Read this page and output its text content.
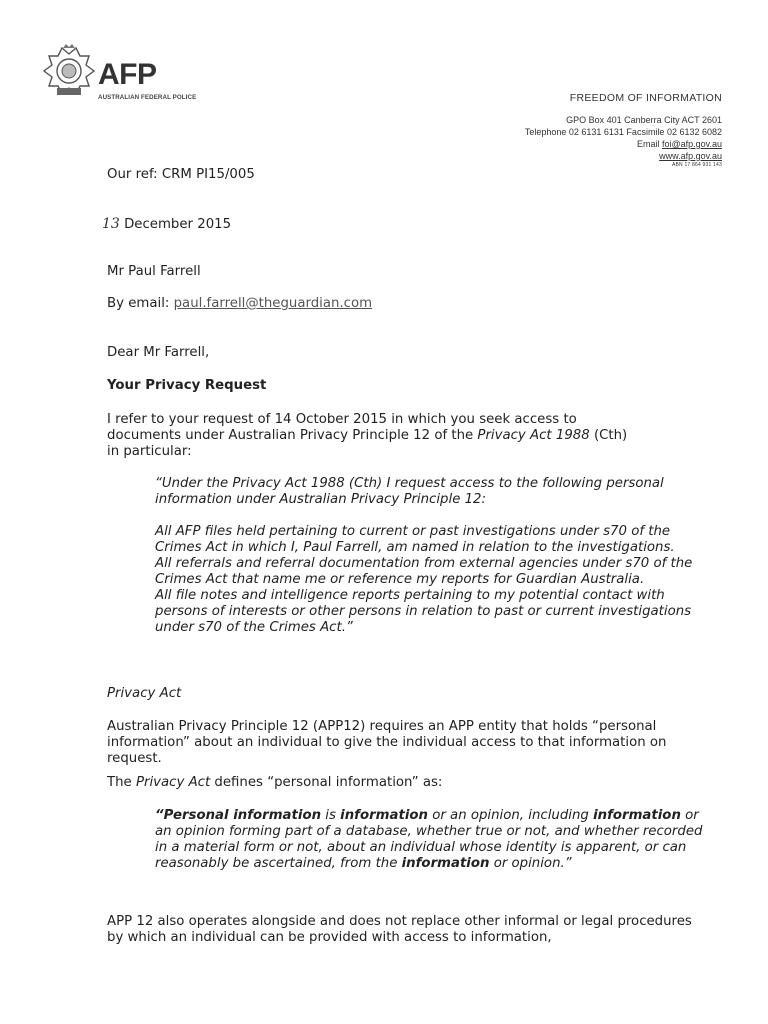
AFP
AUSTRALIAN FEDERAL POLICE	FREEDOM OF INFORMATION
GPO Box 401 Canberra City ACT 2601
Telephone 02 6131 6131 Facsimile 02 6132 6082
Email foi@afp.gov.au
www.afp.gov.au
ABN 17 864 931 143
Our ref: CRM PI15/005
13 December 2015
Mr Paul Farrell
By email: paul.farrell@theguardian.com
Dear Mr Farrell,
Your Privacy Request
I refer to your request of 14 October 2015 in which you seek access to
documents under Australian Privacy Principle 12 of the Privacy Act 1988 (Cth)
in particular:

“Under the Privacy Act 1988 (Cth) I request access to the following personal information under Australian Privacy Principle 12:

All AFP files held pertaining to current or past investigations under s70 of the Crimes Act in which I, Paul Farrell, am named in relation to the investigations.

All referrals and referral documentation from external agencies under s70 of the Crimes Act that name me or reference my reports for Guardian Australia.

All file notes and intelligence reports pertaining to my potential contact with persons of interests or other persons in relation to past or current investigations under s70 of the Crimes Act.”

Privacy Act
Australian Privacy Principle 12 (APP12) requires an APP entity that holds “personal information” about an individual to give the individual access to that information on request.
The Privacy Act defines “personal information” as:

“Personal information is information or an opinion, including information or an opinion forming part of a database, whether true or not, and whether recorded in a material form or not, about an individual whose identity is apparent, or can reasonably be ascertained, from the information or opinion.”

APP 12 also operates alongside and does not replace other informal or legal procedures by which an individual can be provided with access to information,
